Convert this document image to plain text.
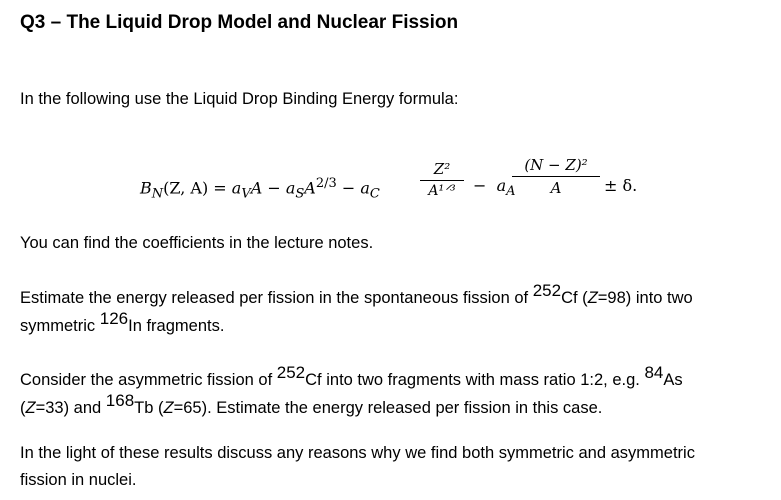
Q3 – The Liquid Drop Model and Nuclear Fission
In the following use the Liquid Drop Binding Energy formula:
$B_N(Z$, $A) = a_VA - a_SA^{2/3} - a_C$
Z²
A¹ᐟ³	− $a_A$
(N − Z)²
A	± δ.
You can find the coefficients in the lecture notes.
Estimate the energy released per fission in the spontaneous fission of 252Cf (Z=98) into two
symmetric 126In fragments.
Consider the asymmetric fission of 252Cf into two fragments with mass ratio 1:2, e.g. 84As
(Z=33) and 168Tb (Z=65). Estimate the energy released per fission in this case.
In the light of these results discuss any reasons why we find both symmetric and asymmetric
fission in nuclei.
